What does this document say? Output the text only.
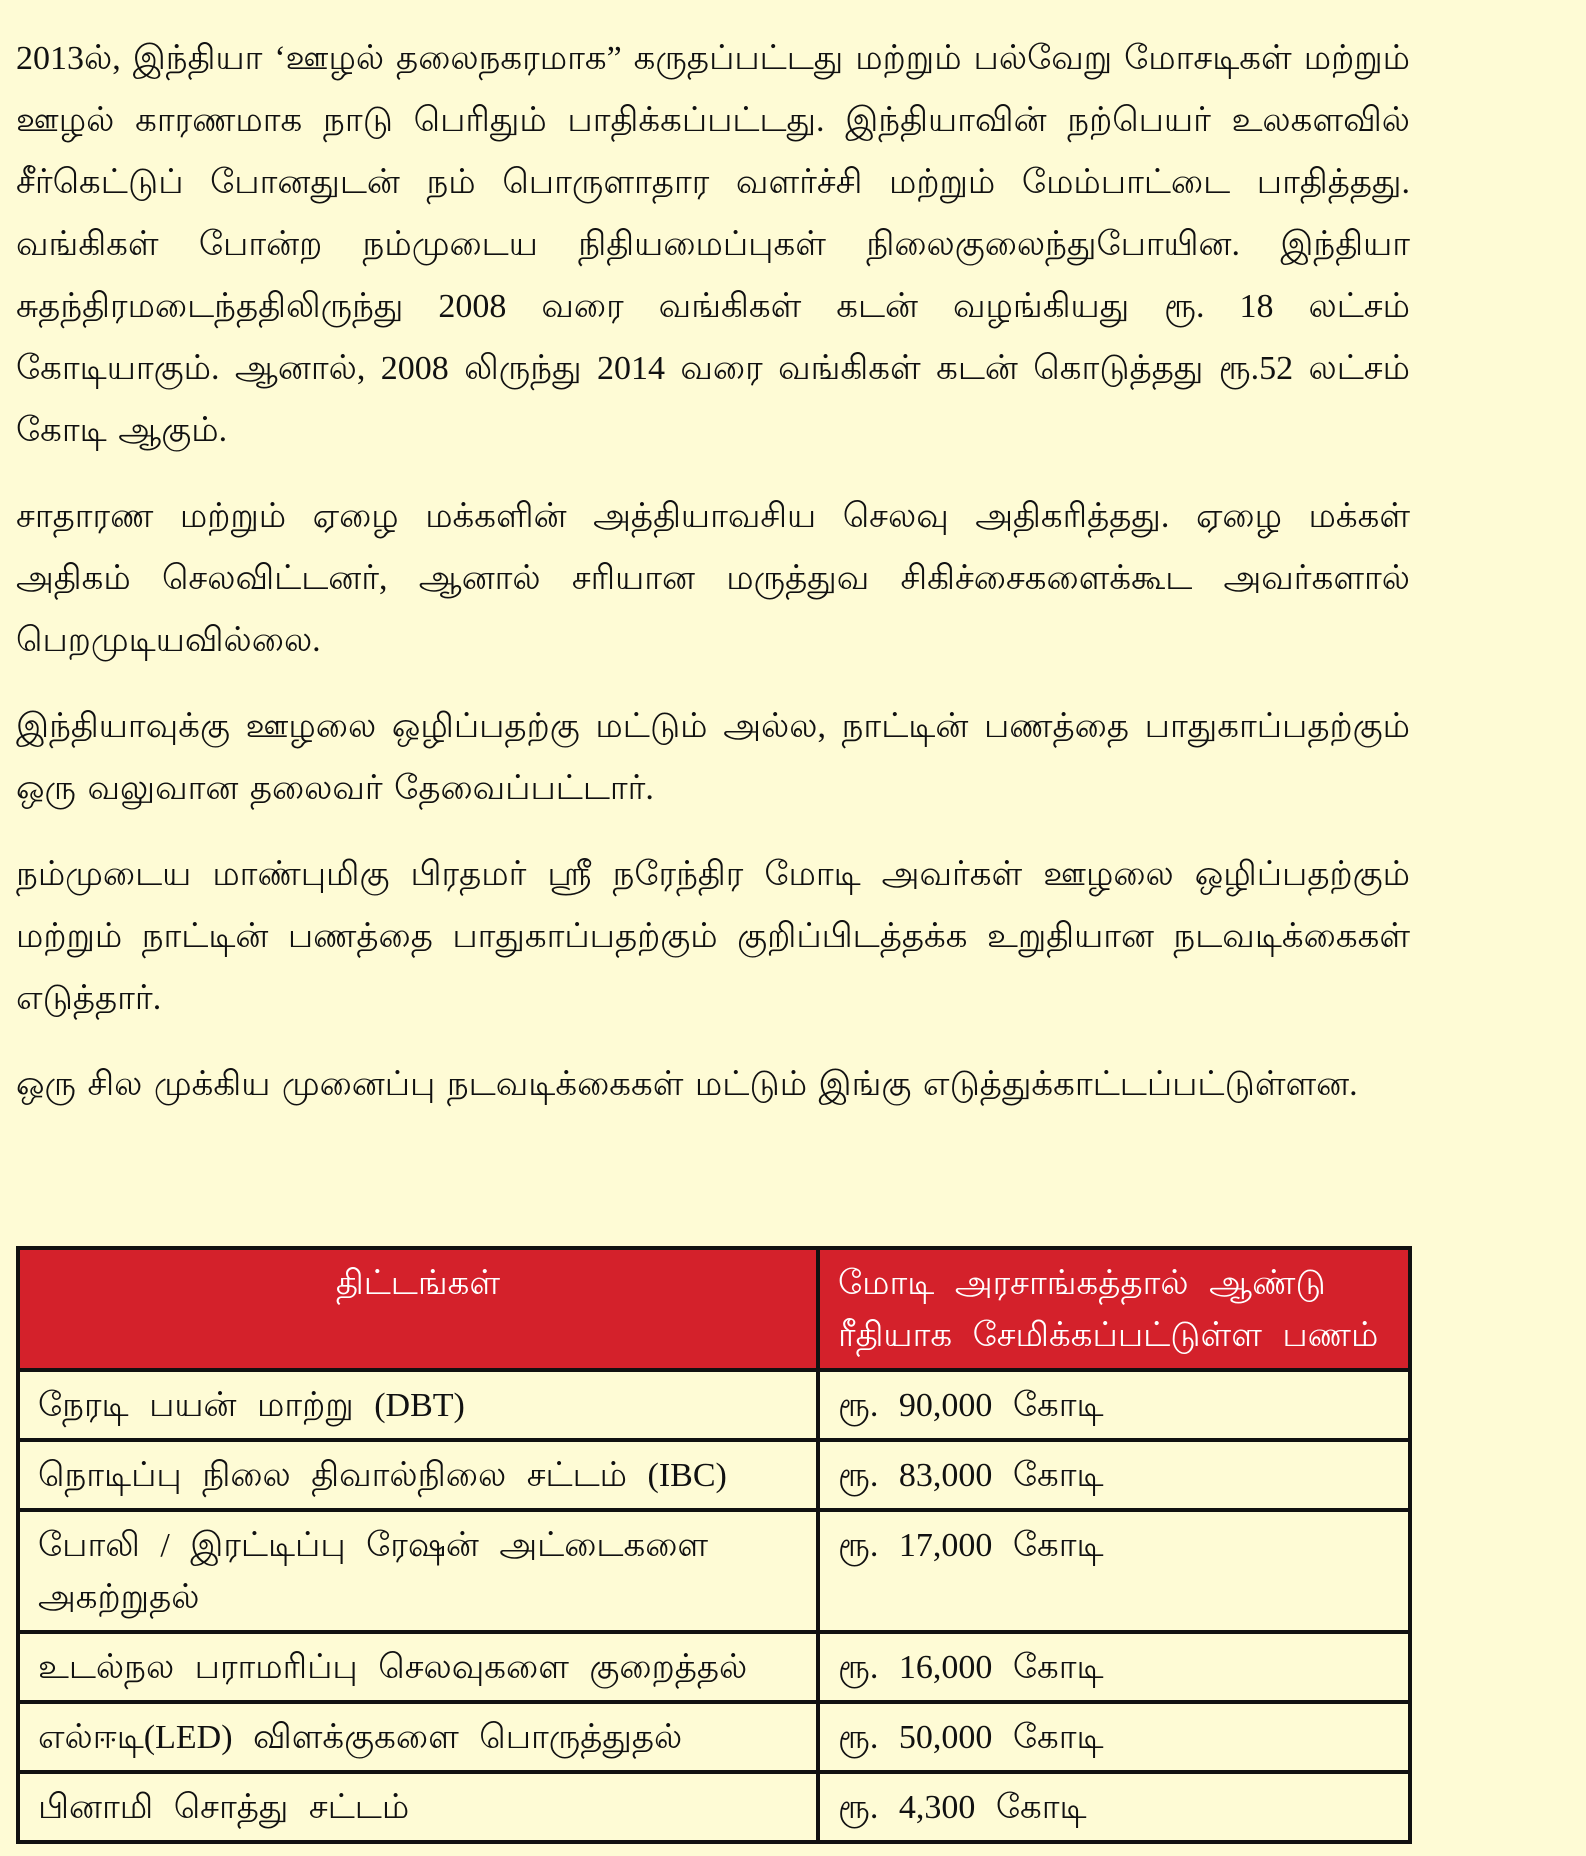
2013ல், இந்தியா ‘ஊழல் தலைநகரமாக” கருதப்பட்டது மற்றும் பல்வேறு மோசடிகள் மற்றும் ஊழல் காரணமாக நாடு பெரிதும் பாதிக்கப்பட்டது. இந்தியாவின் நற்பெயர் உலகளவில் சீர்கெட்டுப் போனதுடன் நம் பொருளாதார வளர்ச்சி மற்றும் மேம்பாட்டை பாதித்தது. வங்கிகள் போன்ற நம்முடைய நிதியமைப்புகள் நிலைகுலைந்துபோயின. இந்தியா சுதந்திரமடைந்ததிலிருந்து 2008 வரை வங்கிகள் கடன் வழங்கியது ரூ. 18 லட்சம் கோடியாகும். ஆனால், 2008 லிருந்து 2014 வரை வங்கிகள் கடன் கொடுத்தது ரூ.52 லட்சம் கோடி ஆகும்.

சாதாரண மற்றும் ஏழை மக்களின் அத்தியாவசிய செலவு அதிகரித்தது. ஏழை மக்கள் அதிகம் செலவிட்டனர், ஆனால் சரியான மருத்துவ சிகிச்சைகளைக்கூட அவர்களால் பெறமுடியவில்லை.

இந்தியாவுக்கு ஊழலை ஒழிப்பதற்கு மட்டும் அல்ல, நாட்டின் பணத்தை பாதுகாப்பதற்கும் ஒரு வலுவான தலைவர் தேவைப்பட்டார்.

நம்முடைய மாண்புமிகு பிரதமர் ஸ்ரீ நரேந்திர மோடி அவர்கள் ஊழலை ஒழிப்பதற்கும் மற்றும் நாட்டின் பணத்தை பாதுகாப்பதற்கும் குறிப்பிடத்தக்க உறுதியான நடவடிக்கைகள் எடுத்தார்.

ஒரு சில முக்கிய முனைப்பு நடவடிக்கைகள் மட்டும் இங்கு எடுத்துக்காட்டப்பட்டுள்ளன.

திட்டங்கள்	மோடி அரசாங்கத்தால் ஆண்டு ரீதியாக சேமிக்கப்பட்டுள்ள பணம்
நேரடி பயன் மாற்று (DBT)	ரூ. 90,000 கோடி
நொடிப்பு நிலை திவால்நிலை சட்டம் (IBC)	ரூ. 83,000 கோடி
போலி / இரட்டிப்பு ரேஷன் அட்டைகளை அகற்றுதல்	ரூ. 17,000 கோடி
உடல்நல பராமரிப்பு செலவுகளை குறைத்தல்	ரூ. 16,000 கோடி
எல்ஈடி(LED) விளக்குகளை பொருத்துதல்	ரூ. 50,000 கோடி
பினாமி சொத்து சட்டம்	ரூ. 4,300 கோடி
